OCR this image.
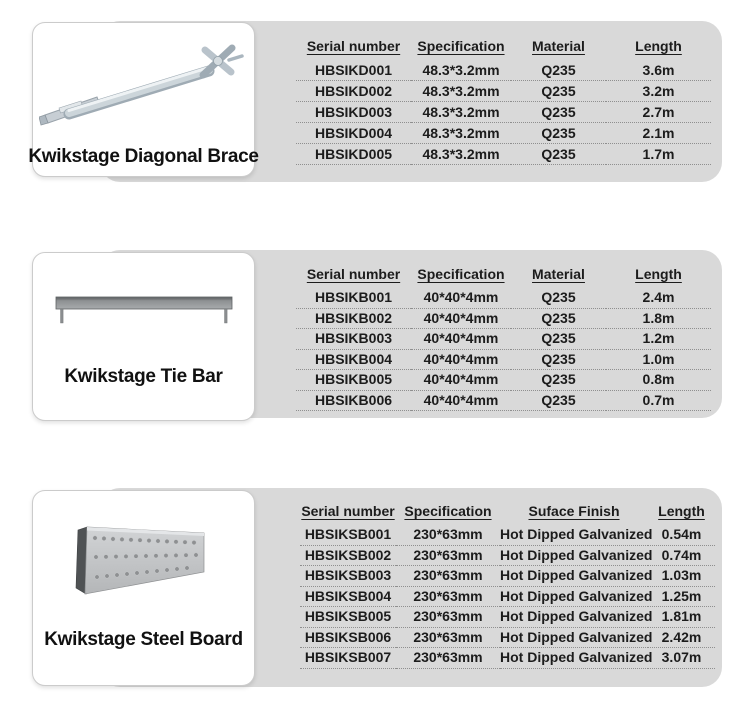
Kwikstage Diagonal Brace
Serial number	Specification	Material	Length
HBSIKD001	48.3*3.2mm	Q235	3.6m
HBSIKD002	48.3*3.2mm	Q235	3.2m
HBSIKD003	48.3*3.2mm	Q235	2.7m
HBSIKD004	48.3*3.2mm	Q235	2.1m
HBSIKD005	48.3*3.2mm	Q235	1.7m
Kwikstage Tie Bar
Serial number	Specification	Material	Length
HBSIKB001	40*40*4mm	Q235	2.4m
HBSIKB002	40*40*4mm	Q235	1.8m
HBSIKB003	40*40*4mm	Q235	1.2m
HBSIKB004	40*40*4mm	Q235	1.0m
HBSIKB005	40*40*4mm	Q235	0.8m
HBSIKB006	40*40*4mm	Q235	0.7m
Kwikstage Steel Board
Serial number	Specification	Suface Finish	Length
HBSIKSB001	230*63mm	Hot Dipped Galvanized	0.54m
HBSIKSB002	230*63mm	Hot Dipped Galvanized	0.74m
HBSIKSB003	230*63mm	Hot Dipped Galvanized	1.03m
HBSIKSB004	230*63mm	Hot Dipped Galvanized	1.25m
HBSIKSB005	230*63mm	Hot Dipped Galvanized	1.81m
HBSIKSB006	230*63mm	Hot Dipped Galvanized	2.42m
HBSIKSB007	230*63mm	Hot Dipped Galvanized	3.07m
